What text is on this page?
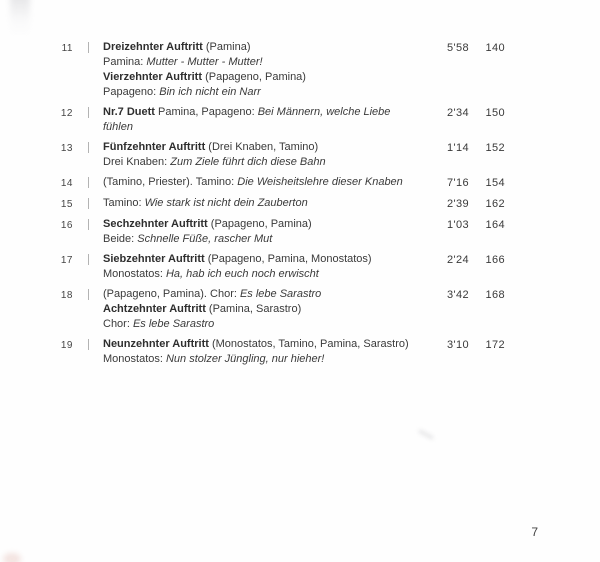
11	Dreizehnter Auftritt (Pamina)
Pamina: Mutter - Mutter - Mutter!
Vierzehnter Auftritt (Papageno, Pamina)
Papageno: Bin ich nicht ein Narr
5'58	140
12	Nr.7 Duett Pamina, Papageno: Bei Männern, welche Liebe fühlen
2'34	150
13	Fünfzehnter Auftritt (Drei Knaben, Tamino)
Drei Knaben: Zum Ziele führt dich diese Bahn
1'14	152
14	(Tamino, Priester). Tamino: Die Weisheitslehre dieser Knaben	7'16	154
15	Tamino: Wie stark ist nicht dein Zauberton	2'39	162
16	Sechzehnter Auftritt (Papageno, Pamina)
Beide: Schnelle Füße, rascher Mut
1'03	164
17	Siebzehnter Auftritt (Papageno, Pamina, Monostatos)
Monostatos: Ha, hab ich euch noch erwischt
2'24	166
18	(Papageno, Pamina). Chor: Es lebe Sarastro
Achtzehnter Auftritt (Pamina, Sarastro)
Chor: Es lebe Sarastro
3'42	168
19	Neunzehnter Auftritt (Monostatos, Tamino, Pamina, Sarastro)
Monostatos: Nun stolzer Jüngling, nur hieher!
3'10	172
7
